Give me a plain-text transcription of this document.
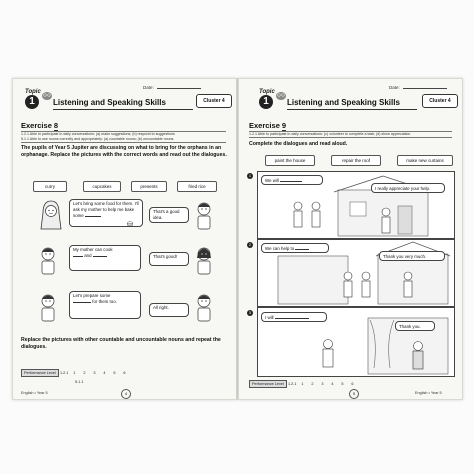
Date:
Topic
1	Listening and Speaking Skills	Cluster 4
Exercise 8
1.2.1 Able to participate in daily conversations: (a) make suggestions; (b) respond to suggestions
5.1.1 Able to use nouns correctly and appropriately: (a) countable nouns; (b) uncountable nouns
The pupils of Year 5 Jupiter are discussing on what to bring for the orphans in an orphanage. Replace the pictures with the correct words and read out the dialogues.
curry	cupcakes	presents	fried rice
Let's bring some food for them. I'll ask my mother to help me bake some
That's a good idea.
My mother can cook
and	That's good!
Let's prepare some
for them too.
All right.
Replace the pictures with other countable and uncountable nouns and repeat the dialogues.
Performance Level 1.2.1 1 2 3 4 5 6
5.1.1
English • Year 5	4
Date:
Topic
1	Listening and Speaking Skills	Cluster 4
Exercise 9
1.2.1 Able to participate in daily conversations: (c) volunteer to complete a task; (d) show appreciation
Complete the dialogues and read aloud.
paint the house	repair the roof	make new curtains
1
We will
I really appreciate your help.
2
We can help to
Thank you very much.
3
I will
Thank you.
Performance Level 1.2.1 1 2 3 4 5 6
English • Year 5
5
